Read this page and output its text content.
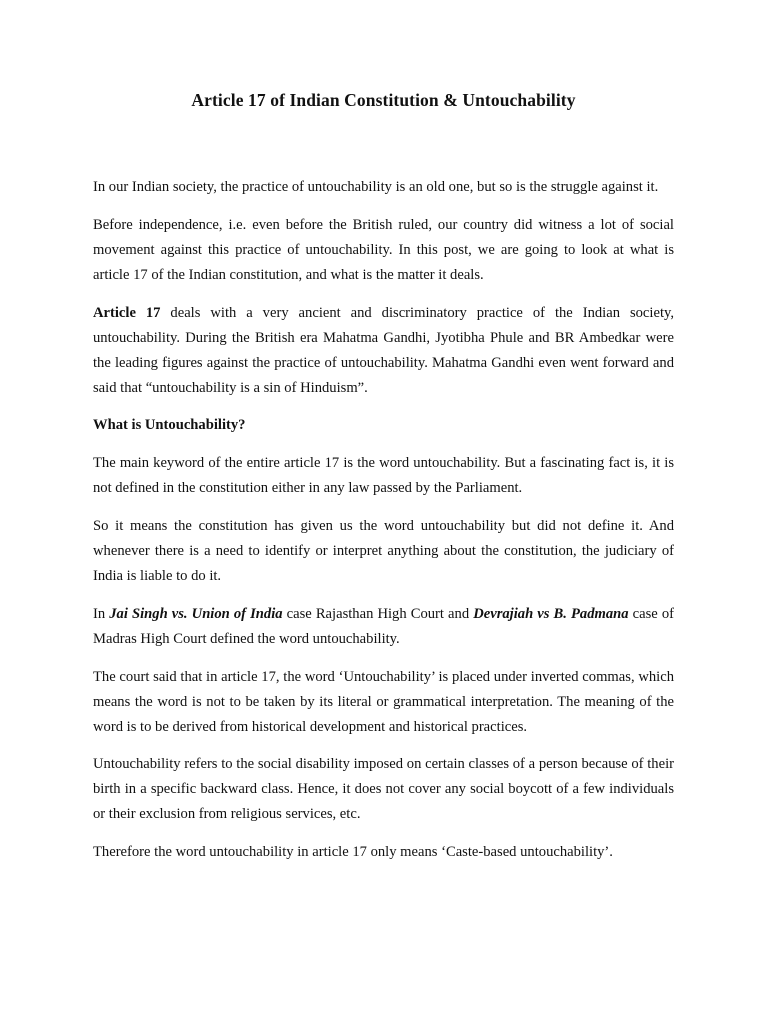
Article 17 of Indian Constitution & Untouchability

In our Indian society, the practice of untouchability is an old one, but so is the struggle against it.

Before independence, i.e. even before the British ruled, our country did witness a lot of social movement against this practice of untouchability. In this post, we are going to look at what is article 17 of the Indian constitution, and what is the matter it deals.

Article 17 deals with a very ancient and discriminatory practice of the Indian society, untouchability. During the British era Mahatma Gandhi, Jyotibha Phule and BR Ambedkar were the leading figures against the practice of untouchability. Mahatma Gandhi even went forward and said that “untouchability is a sin of Hinduism”.

What is Untouchability?

The main keyword of the entire article 17 is the word untouchability. But a fascinating fact is, it is not defined in the constitution either in any law passed by the Parliament.

So it means the constitution has given us the word untouchability but did not define it. And whenever there is a need to identify or interpret anything about the constitution, the judiciary of India is liable to do it.

In Jai Singh vs. Union of India case Rajasthan High Court and Devrajiah vs B. Padmana case of Madras High Court defined the word untouchability.

The court said that in article 17, the word ‘Untouchability’ is placed under inverted commas, which means the word is not to be taken by its literal or grammatical interpretation. The meaning of the word is to be derived from historical development and historical practices.

Untouchability refers to the social disability imposed on certain classes of a person because of their birth in a specific backward class. Hence, it does not cover any social boycott of a few individuals or their exclusion from religious services, etc.

Therefore the word untouchability in article 17 only means ‘Caste-based untouchability’.
